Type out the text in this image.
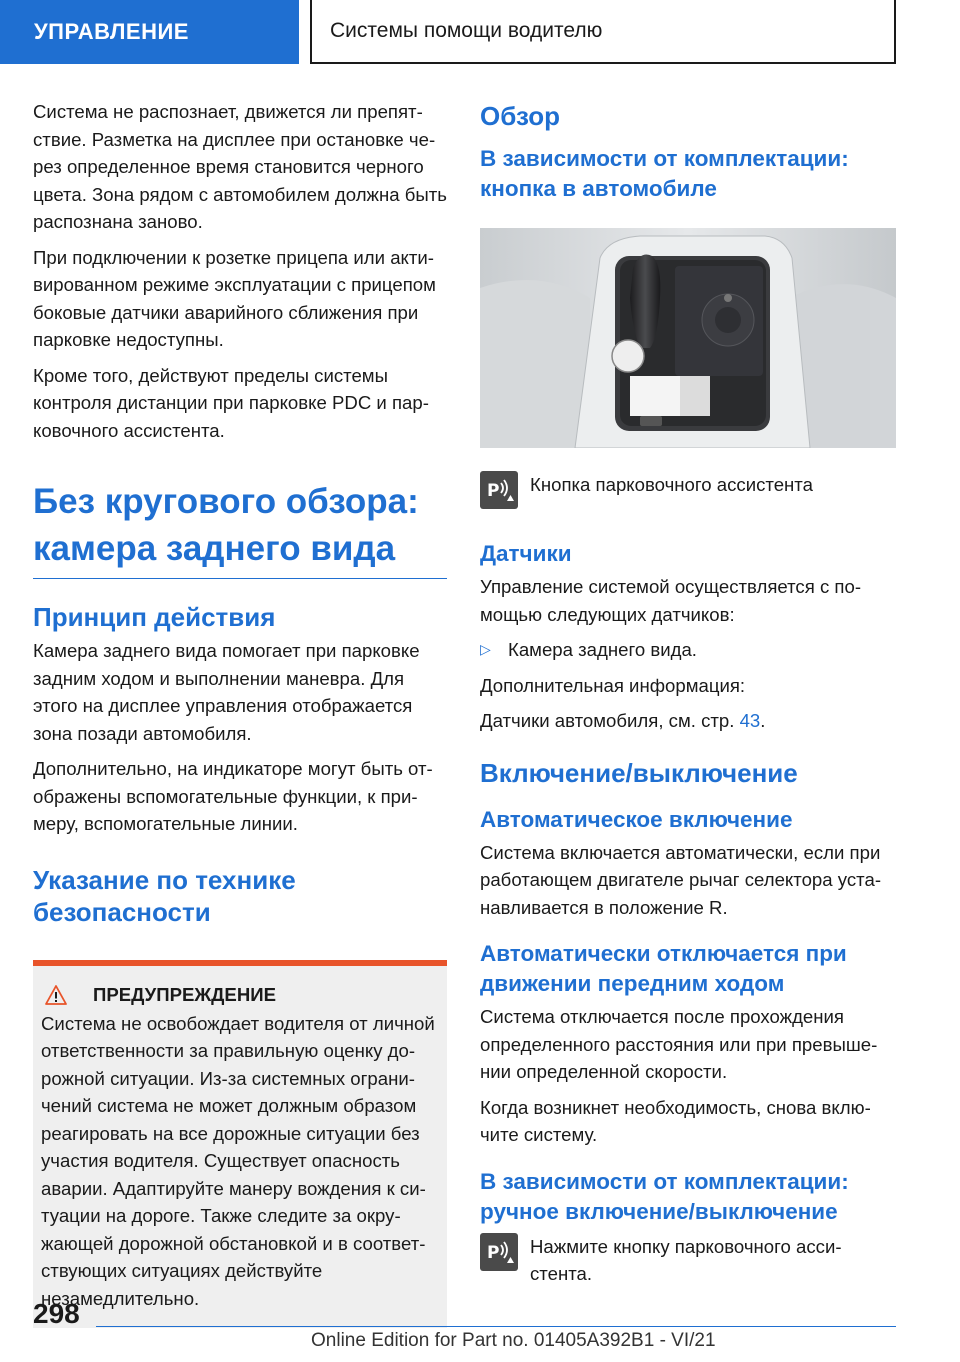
УПРАВЛЕНИЕ	Системы помощи водителю

Система не распознает, движется ли препятствие. Разметка на дисплее при остановке через определенное время становится черного цвета. Зона рядом с автомобилем должна быть распознана заново.

При подключении к розетке прицепа или активированном режиме эксплуатации с прицепом боковые датчики аварийного сближения при парковке недоступны.

Кроме того, действуют пределы системы контроля дистанции при парковке PDC и парковочного ассистента.

Без кругового обзора: камера заднего вида
Принцип действия

Камера заднего вида помогает при парковке задним ходом и выполнении маневра. Для этого на дисплее управления отображается зона позади автомобиля.

Дополнительно, на индикаторе могут быть отображены вспомогательные функции, к примеру, вспомогательные линии.

Указание по технике безопасности
ПРЕДУПРЕЖДЕНИЕ

Система не освобождает водителя от личной ответственности за правильную оценку дорожной ситуации. Из-за системных ограничений система не может должным образом реагировать на все дорожные ситуации без участия водителя. Существует опасность аварии. Адаптируйте манеру вождения к ситуации на дороге. Также следите за окружающей дорожной обстановкой и в соответствующих ситуациях действуйте незамедлительно.

Обзор
В зависимости от комплектации: кнопка в автомобиле
P Кнопка парковочного ассистента

Датчики

Управление системой осуществляется с помощью следующих датчиков:

▷ Камера заднего вида.

Дополнительная информация:

Датчики автомобиля, см. стр. 43.

Включение/выключение
Автоматическое включение

Система включается автоматически, если при работающем двигателе рычаг селектора устанавливается в положение R.

Автоматически отключается при движении передним ходом

Система отключается после прохождения определенного расстояния или при превышении определенной скорости.

Когда возникнет необходимость, снова включите систему.

В зависимости от комплектации: ручное включение/выключение
P Нажмите кнопку парковочного ассистента.

298
Online Edition for Part no. 01405A392B1 - VI/21
